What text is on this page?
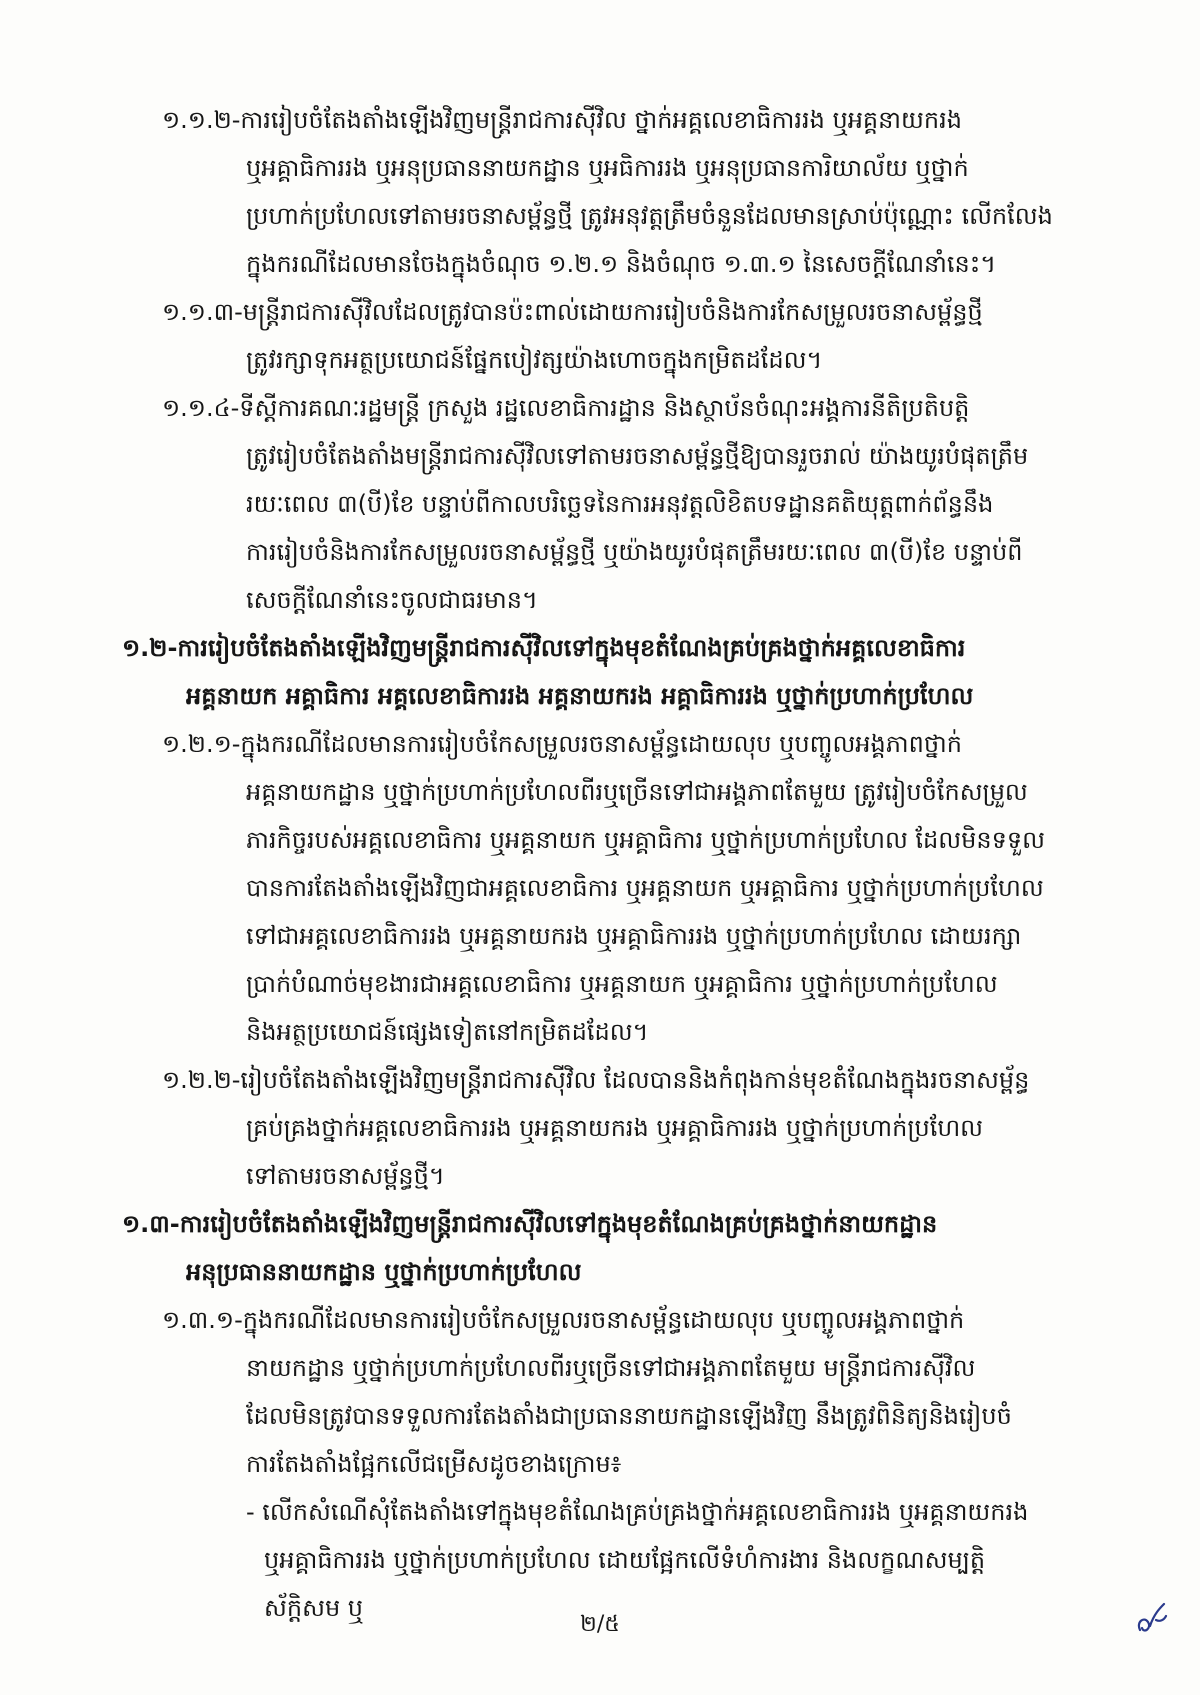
១.១.២-ការរៀបចំតែងតាំងឡើងវិញមន្ត្រីរាជការស៊ីវិល ថ្នាក់អគ្គលេខាធិការរង ឬអគ្គនាយករង
ឬអគ្គាធិការរង ឬអនុប្រធាននាយកដ្ឋាន ឬអធិការរង ឬអនុប្រធានការិយាល័យ ឬថ្នាក់
ប្រហាក់ប្រហែលទៅតាមរចនាសម្ព័ន្ធថ្មី ត្រូវអនុវត្តត្រឹមចំនួនដែលមានស្រាប់ប៉ុណ្ណោះ លើកលែង
ក្នុងករណីដែលមានចែងក្នុងចំណុច ១.២.១ និងចំណុច ១.៣.១ នៃសេចក្ដីណែនាំនេះ។
១.១.៣-មន្ត្រីរាជការស៊ីវិលដែលត្រូវបានប៉ះពាល់ដោយការរៀបចំនិងការកែសម្រួលរចនាសម្ព័ន្ធថ្មី
ត្រូវរក្សាទុកអត្ថប្រយោជន៍ផ្នែកបៀវត្សយ៉ាងហោចក្នុងកម្រិតដដែល។
១.១.៤-ទីស្ដីការគណៈរដ្ឋមន្ត្រី ក្រសួង រដ្ឋលេខាធិការដ្ឋាន និងស្ថាប័នចំណុះអង្គការនីតិប្រតិបត្តិ
ត្រូវរៀបចំតែងតាំងមន្ត្រីរាជការស៊ីវិលទៅតាមរចនាសម្ព័ន្ធថ្មីឱ្យបានរួចរាល់ យ៉ាងយូរបំផុតត្រឹម
រយៈពេល ៣(បី)ខែ បន្ទាប់ពីកាលបរិច្ឆេទនៃការអនុវត្តលិខិតបទដ្ឋានគតិយុត្តពាក់ព័ន្ធនឹង
ការរៀបចំនិងការកែសម្រួលរចនាសម្ព័ន្ធថ្មី ឬយ៉ាងយូរបំផុតត្រឹមរយៈពេល ៣(បី)ខែ បន្ទាប់ពី
សេចក្ដីណែនាំនេះចូលជាធរមាន។
១.២-ការរៀបចំតែងតាំងឡើងវិញមន្ត្រីរាជការស៊ីវិលទៅក្នុងមុខតំណែងគ្រប់គ្រងថ្នាក់អគ្គលេខាធិការ
អគ្គនាយក អគ្គាធិការ អគ្គលេខាធិការរង អគ្គនាយករង អគ្គាធិការរង ឬថ្នាក់ប្រហាក់ប្រហែល
១.២.១-ក្នុងករណីដែលមានការរៀបចំកែសម្រួលរចនាសម្ព័ន្ធដោយលុប ឬបញ្ចូលអង្គភាពថ្នាក់
អគ្គនាយកដ្ឋាន ឬថ្នាក់ប្រហាក់ប្រហែលពីរឬច្រើនទៅជាអង្គភាពតែមួយ ត្រូវរៀបចំកែសម្រួល
ភារកិច្ចរបស់អគ្គលេខាធិការ ឬអគ្គនាយក ឬអគ្គាធិការ ឬថ្នាក់ប្រហាក់ប្រហែល ដែលមិនទទួល
បានការតែងតាំងឡើងវិញជាអគ្គលេខាធិការ ឬអគ្គនាយក ឬអគ្គាធិការ ឬថ្នាក់ប្រហាក់ប្រហែល
ទៅជាអគ្គលេខាធិការរង ឬអគ្គនាយករង ឬអគ្គាធិការរង ឬថ្នាក់ប្រហាក់ប្រហែល ដោយរក្សា
ប្រាក់បំណាច់មុខងារជាអគ្គលេខាធិការ ឬអគ្គនាយក ឬអគ្គាធិការ ឬថ្នាក់ប្រហាក់ប្រហែល
និងអត្ថប្រយោជន៍ផ្សេងទៀតនៅកម្រិតដដែល។
១.២.២-រៀបចំតែងតាំងឡើងវិញមន្ត្រីរាជការស៊ីវិល ដែលបាននិងកំពុងកាន់មុខតំណែងក្នុងរចនាសម្ព័ន្ធ
គ្រប់គ្រងថ្នាក់អគ្គលេខាធិការរង ឬអគ្គនាយករង ឬអគ្គាធិការរង ឬថ្នាក់ប្រហាក់ប្រហែល
ទៅតាមរចនាសម្ព័ន្ធថ្មី។
១.៣-ការរៀបចំតែងតាំងឡើងវិញមន្ត្រីរាជការស៊ីវិលទៅក្នុងមុខតំណែងគ្រប់គ្រងថ្នាក់នាយកដ្ឋាន
អនុប្រធាននាយកដ្ឋាន ឬថ្នាក់ប្រហាក់ប្រហែល
១.៣.១-ក្នុងករណីដែលមានការរៀបចំកែសម្រួលរចនាសម្ព័ន្ធដោយលុប ឬបញ្ចូលអង្គភាពថ្នាក់
នាយកដ្ឋាន ឬថ្នាក់ប្រហាក់ប្រហែលពីរឬច្រើនទៅជាអង្គភាពតែមួយ មន្ត្រីរាជការស៊ីវិល
ដែលមិនត្រូវបានទទួលការតែងតាំងជាប្រធាននាយកដ្ឋានឡើងវិញ នឹងត្រូវពិនិត្យនិងរៀបចំ
ការតែងតាំងផ្អែកលើជម្រើសដូចខាងក្រោម៖
- លើកសំណើសុំតែងតាំងទៅក្នុងមុខតំណែងគ្រប់គ្រងថ្នាក់អគ្គលេខាធិការរង ឬអគ្គនាយករង
ឬអគ្គាធិការរង ឬថ្នាក់ប្រហាក់ប្រហែល ដោយផ្អែកលើទំហំការងារ និងលក្ខណសម្បត្តិ
ស័ក្តិសម ឬ
២/៥
